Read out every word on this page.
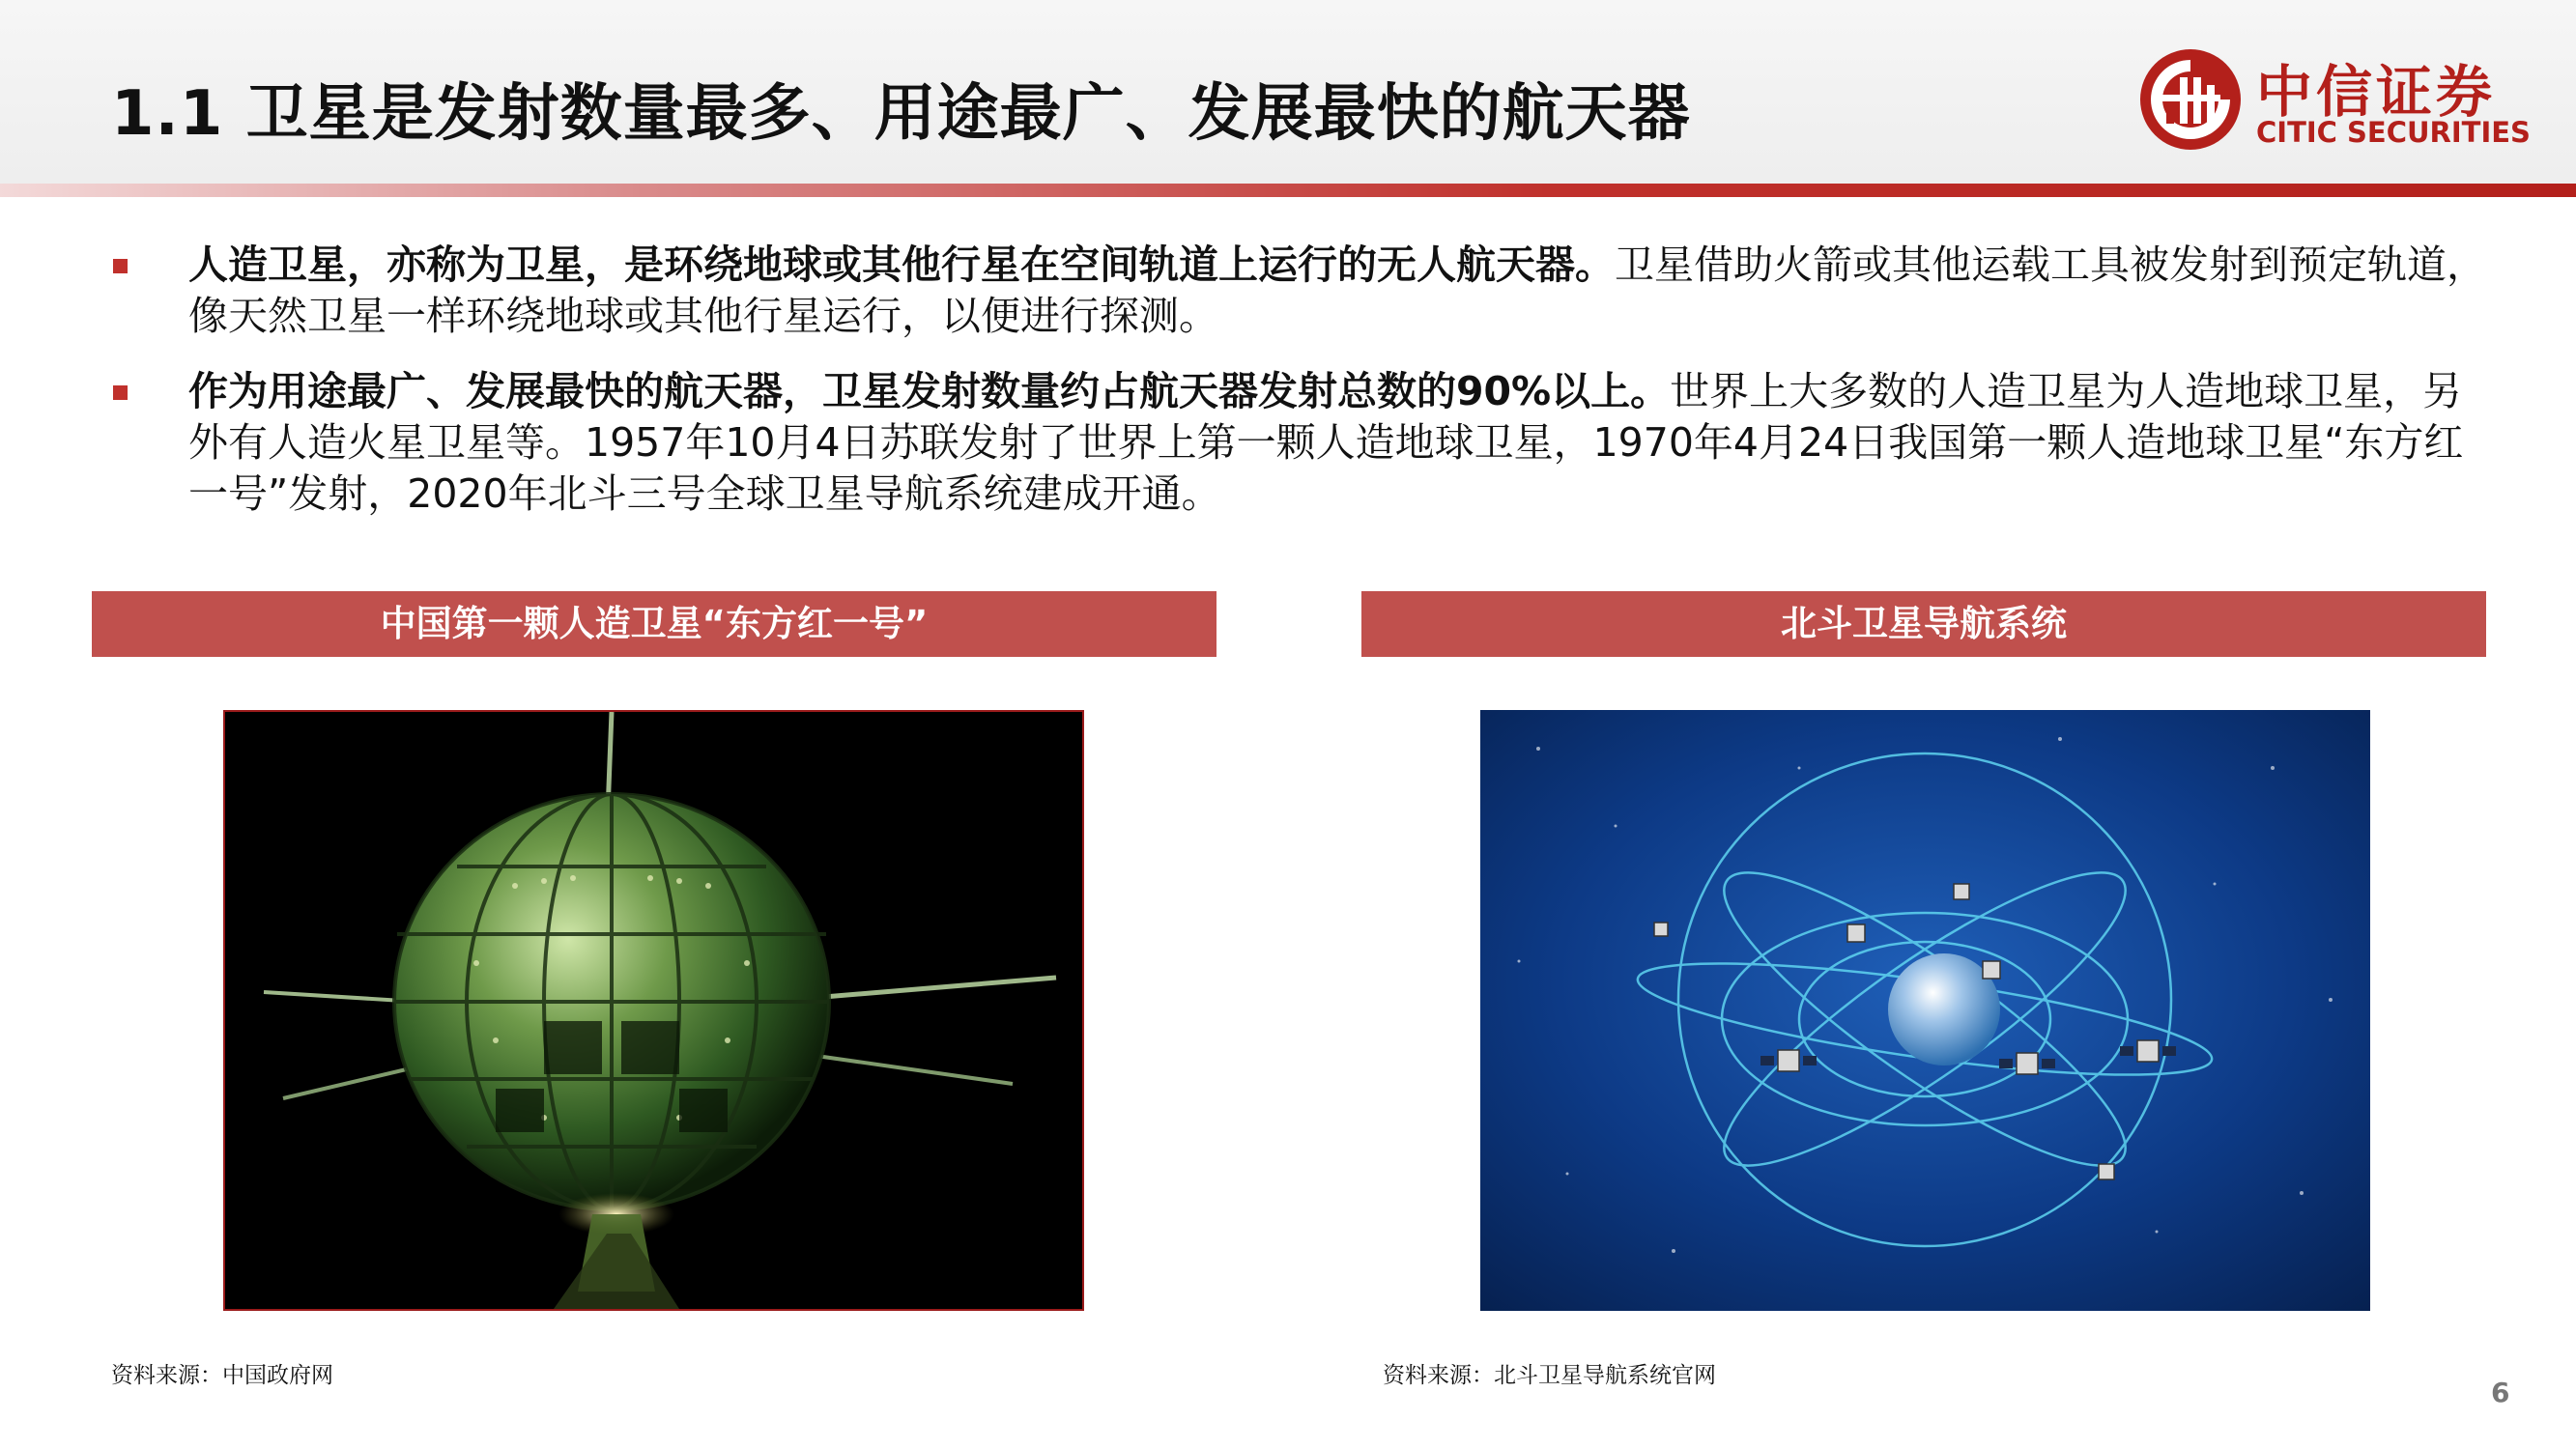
1.1 卫星是发射数量最多、用途最广、发展最快的航天器	中信证券
CITIC SECURITIES
人造卫星，亦称为卫星，是环绕地球或其他行星在空间轨道上运行的无人航天器。卫星借助火箭或其他运载工具被发射到预定轨道，像天然卫星一样环绕地球或其他行星运行，以便进行探测。
作为用途最广、发展最快的航天器，卫星发射数量约占航天器发射总数的90%以上。世界上大多数的人造卫星为人造地球卫星，另外有人造火星卫星等。1957年10月4日苏联发射了世界上第一颗人造地球卫星，1970年4月24日我国第一颗人造地球卫星“东方红一号”发射，2020年北斗三号全球卫星导航系统建成开通。
中国第一颗人造卫星“东方红一号”	北斗卫星导航系统
资料来源：中国政府网	资料来源：北斗卫星导航系统官网
6
